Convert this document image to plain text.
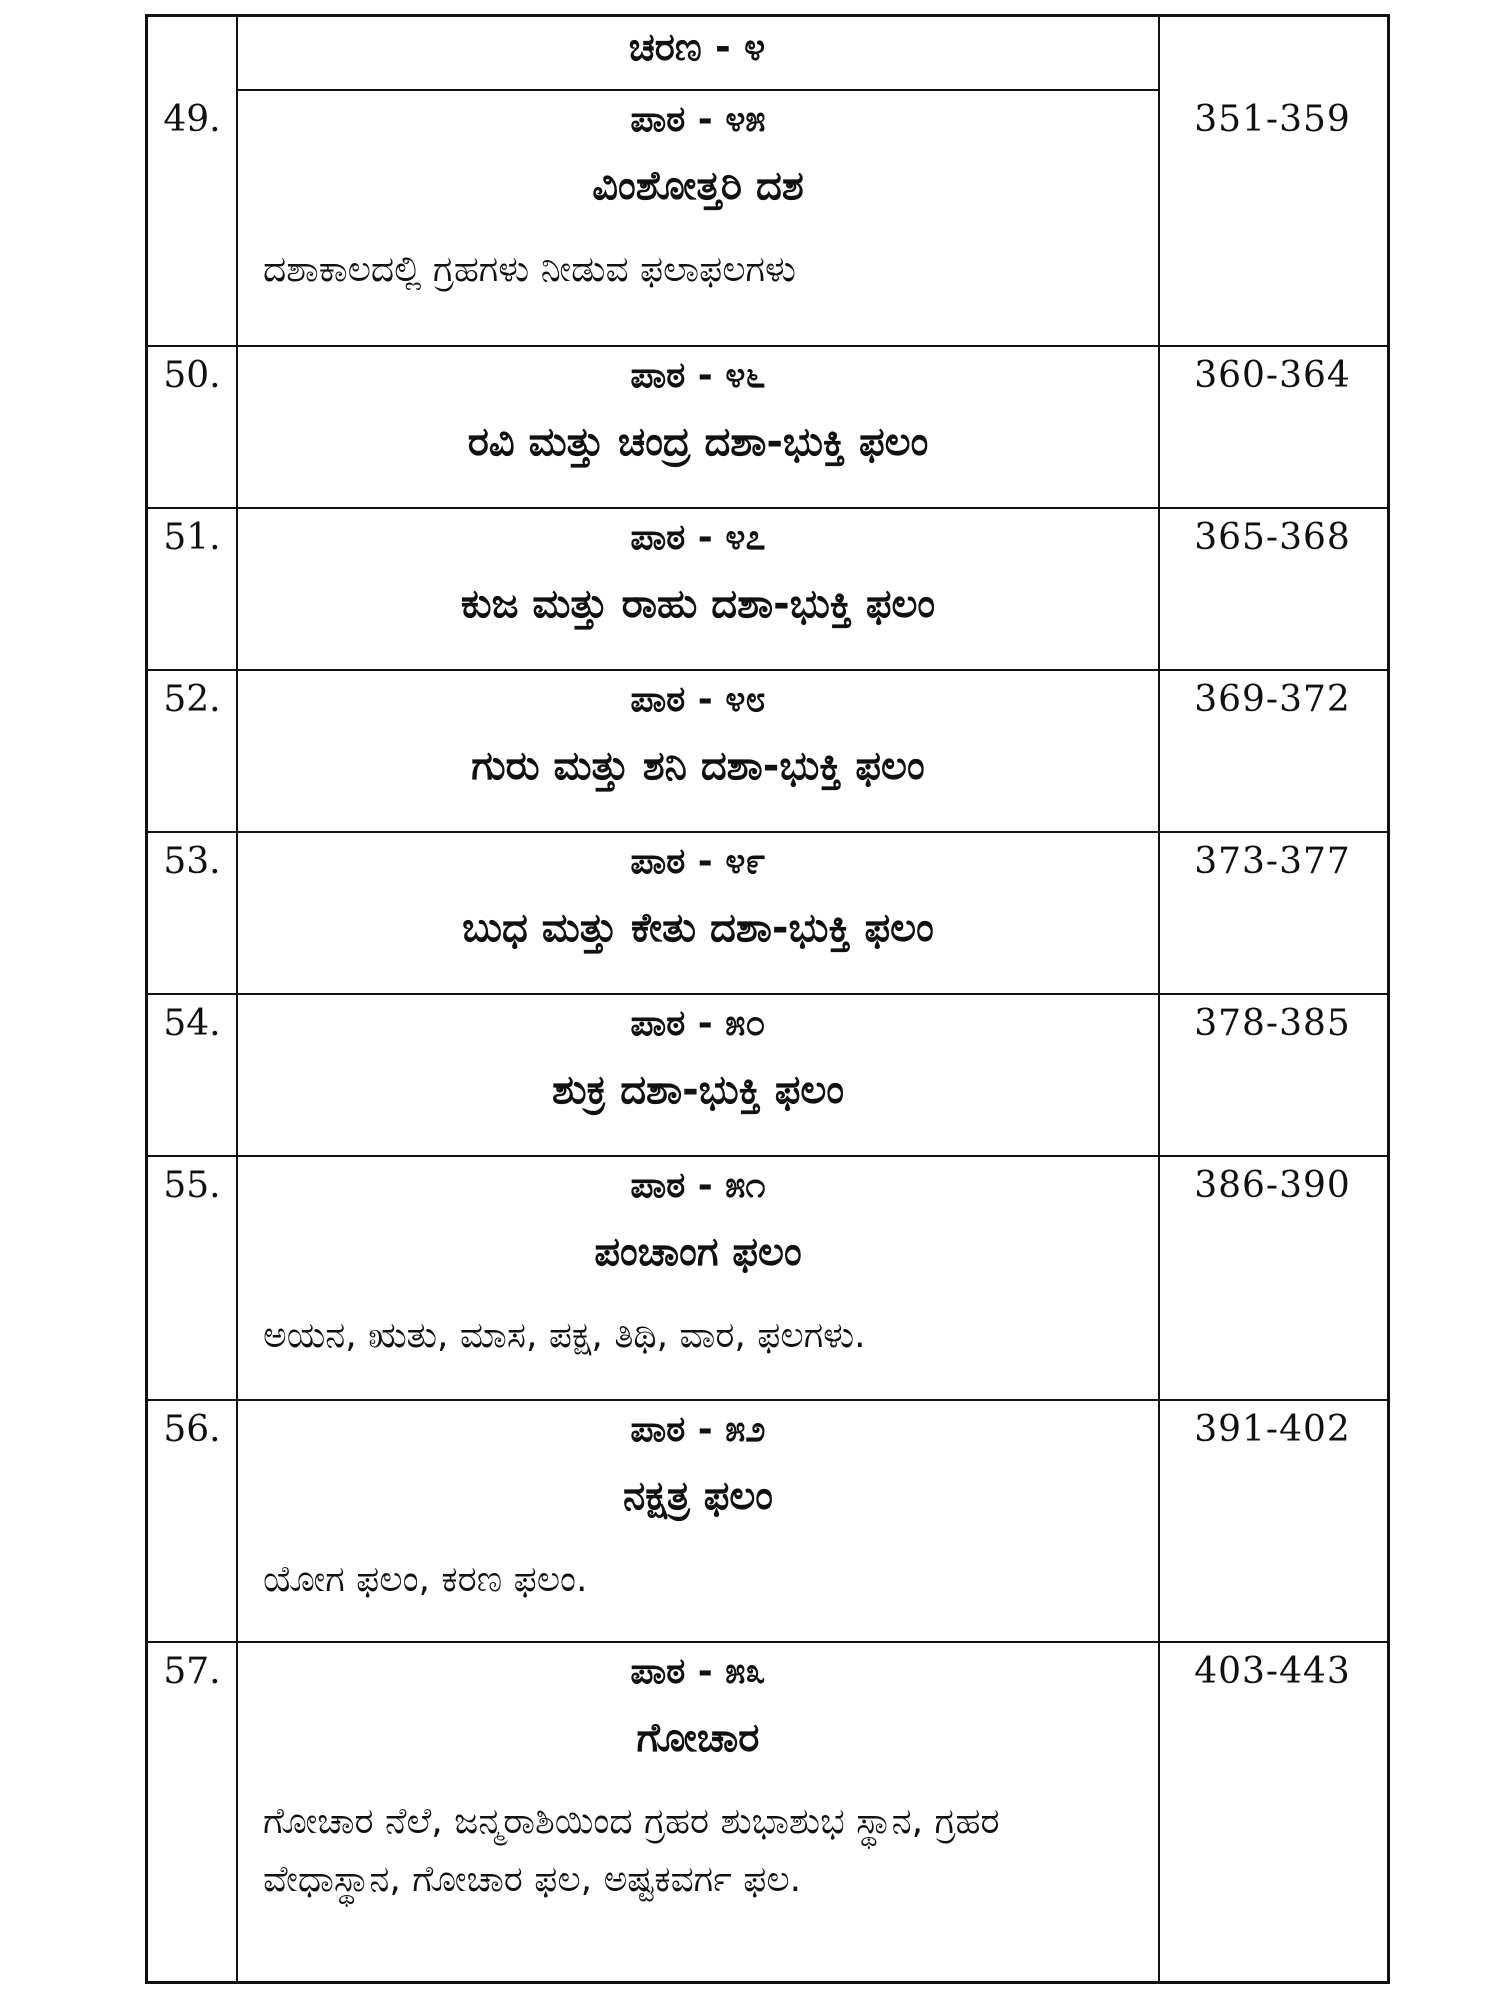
ಚರಣ - ೪
49.	ಪಾಠ - ೪೫
ವಿಂಶೋತ್ತರಿ ದಶ
ದಶಾಕಾಲದಲ್ಲಿ ಗ್ರಹಗಳು ನೀಡುವ ಫಲಾಫಲಗಳು
351-359
50.	ಪಾಠ - ೪೬
ರವಿ ಮತ್ತು ಚಂದ್ರ ದಶಾ-ಭುಕ್ತಿ ಫಲಂ
360-364
51.	ಪಾಠ - ೪೭
ಕುಜ ಮತ್ತು ರಾಹು ದಶಾ-ಭುಕ್ತಿ ಫಲಂ
365-368
52.	ಪಾಠ - ೪೮
ಗುರು ಮತ್ತು ಶನಿ ದಶಾ-ಭುಕ್ತಿ ಫಲಂ
369-372
53.	ಪಾಠ - ೪೯
ಬುಧ ಮತ್ತು ಕೇತು ದಶಾ-ಭುಕ್ತಿ ಫಲಂ
373-377
54.	ಪಾಠ - ೫೦
ಶುಕ್ರ ದಶಾ-ಭುಕ್ತಿ ಫಲಂ
378-385
55.	ಪಾಠ - ೫೧
ಪಂಚಾಂಗ ಫಲಂ
ಅಯನ, ಋತು, ಮಾಸ, ಪಕ್ಷ, ತಿಥಿ, ವಾರ, ಫಲಗಳು.
386-390
56.	ಪಾಠ - ೫೨
ನಕ್ಷತ್ರ ಫಲಂ
ಯೋಗ ಫಲಂ, ಕರಣ ಫಲಂ.
391-402
57.	ಪಾಠ - ೫೩
ಗೋಚಾರ
ಗೋಚಾರ ನೆಲೆ, ಜನ್ಮರಾಶಿಯಿಂದ ಗ್ರಹರ ಶುಭಾಶುಭ ಸ್ಥಾನ, ಗ್ರಹರ ವೇಧಾಸ್ಥಾನ, ಗೋಚಾರ ಫಲ, ಅಷ್ಟಕವರ್ಗ ಫಲ.
403-443
